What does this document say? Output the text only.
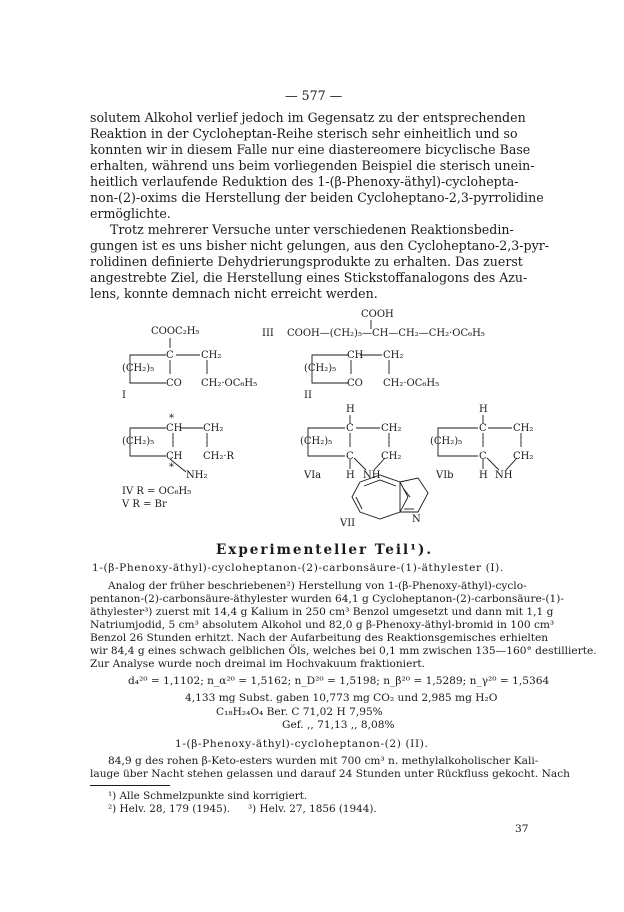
— 577 —
solutem Alkohol verlief jedoch im Gegensatz zu der entsprechenden
Reaktion in der Cycloheptan-Reihe sterisch sehr einheitlich und so
konnten wir in diesem Falle nur eine diastereomere bicyclische Base
erhalten, während uns beim vorliegenden Beispiel die sterisch unein-
heitlich verlaufende Reduktion des 1-(β-Phenoxy-äthyl)-cyclohepta-
non-(2)-oxims die Herstellung der beiden Cycloheptano-2,3-pyrrolidine
ermöglichte.
Trotz mehrerer Versuche unter verschiedenen Reaktionsbedin-
gungen ist es uns bisher nicht gelungen, aus den Cycloheptano-2,3-pyr-
rolidinen definierte Dehydrierungsprodukte zu erhalten. Das zuerst
angestrebte Ziel, die Herstellung eines Stickstoffanalogons des Azu-
lens, konnte demnach nicht erreicht werden.
COOC₂H₅
C	CH₂
(CH₂)₅
CO CH₂·OC₆H₅
I
COOH
III COOH—(CH₂)₅—CH—CH₂—CH₂·OC₆H₅
CH CH₂
(CH₂)₅
CO CH₂·OC₆H₅
II
*
CH CH₂
(CH₂)₅
CH CH₂·R
*
NH₂
IV R = OC₆H₅
V R = Br
H
C	CH₂
(CH₂)₅
C	CH₂
VIa H NH
H
C	CH₂
(CH₂)₅
C	CH₂
VIb	H NH
N
VII
Experimenteller Teil¹).
1-(β-Phenoxy-äthyl)-cycloheptanon-(2)-carbonsäure-(1)-äthylester (I).
Analog der früher beschriebenen²) Herstellung von 1-(β-Phenoxy-äthyl)-cyclo-
pentanon-(2)-carbonsäure-äthylester wurden 64,1 g Cycloheptanon-(2)-carbonsäure-(1)-
äthylester³) zuerst mit 14,4 g Kalium in 250 cm³ Benzol umgesetzt und dann mit 1,1 g
Natriumjodid, 5 cm³ absolutem Alkohol und 82,0 g β-Phenoxy-äthyl-bromid in 100 cm³
Benzol 26 Stunden erhitzt. Nach der Aufarbeitung des Reaktionsgemisches erhielten
wir 84,4 g eines schwach gelblichen Öls, welches bei 0,1 mm zwischen 135—160° destillierte.
Zur Analyse wurde noch dreimal im Hochvakuum fraktioniert.
d₄²⁰ = 1,1102; n_α²⁰ = 1,5162; n_D²⁰ = 1,5198; n_β²⁰ = 1,5289; n_γ²⁰ = 1,5364
4,133 mg Subst. gaben 10,773 mg CO₂ und 2,985 mg H₂O
C₁₈H₂₄O₄ Ber. C 71,02 H 7,95%
Gef. ,, 71,13 ,, 8,08%
1-(β-Phenoxy-äthyl)-cycloheptanon-(2) (II).
84,9 g des rohen β-Keto-esters wurden mit 700 cm³ n. methylalkoholischer Kali-
lauge über Nacht stehen gelassen und darauf 24 Stunden unter Rückfluss gekocht. Nach
¹) Alle Schmelzpunkte sind korrigiert.
²) Helv. 28, 179 (1945). ³) Helv. 27, 1856 (1944).
37
